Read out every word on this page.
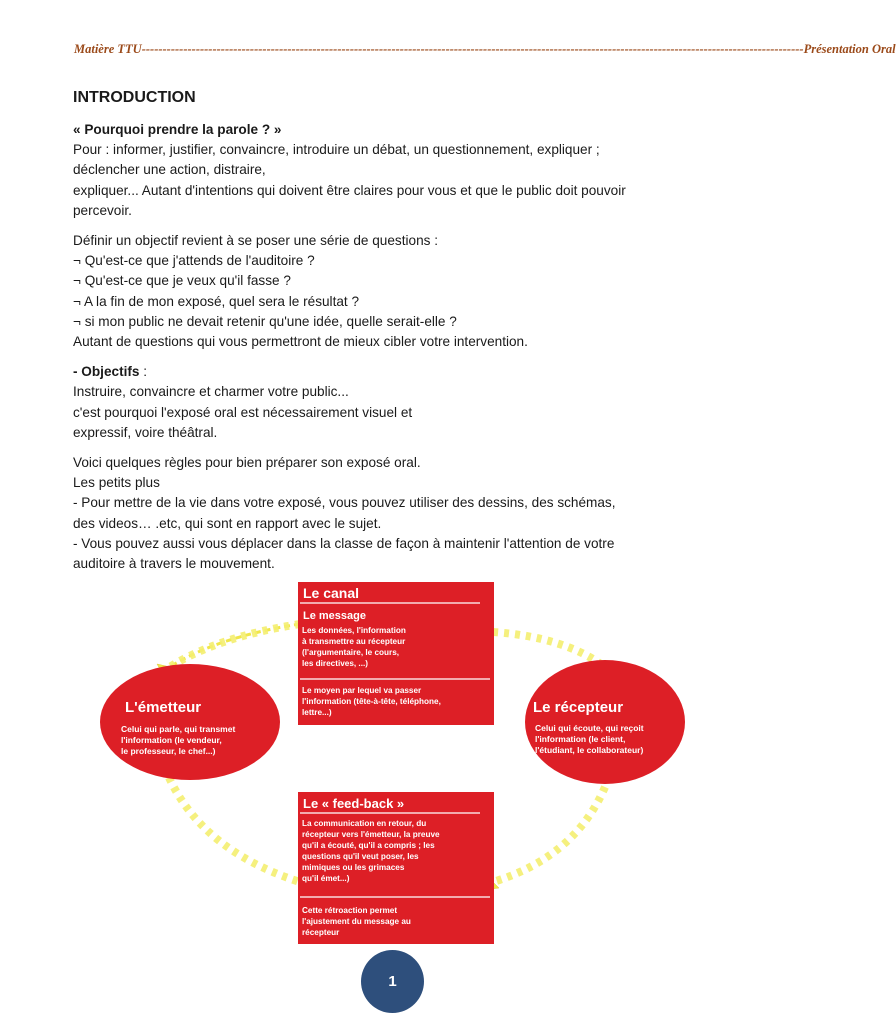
Matière TTU --------------------------------------------------------------------------------------------------------------------------------------------------------------- Présentation Oral
INTRODUCTION
« Pourquoi prendre la parole ? »
Pour : informer, justifier, convaincre, introduire un débat, un questionnement, expliquer ;
déclencher une action, distraire,
expliquer... Autant d'intentions qui doivent être claires pour vous et que le public doit pouvoir
percevoir.
Définir un objectif revient à se poser une série de questions :
¬ Qu'est-ce que j'attends de l'auditoire ?
¬ Qu'est-ce que je veux qu'il fasse ?
¬ A la fin de mon exposé, quel sera le résultat ?
¬ si mon public ne devait retenir qu'une idée, quelle serait-elle ?
Autant de questions qui vous permettront de mieux cibler votre intervention.
- Objectifs :
Instruire, convaincre et charmer votre public...
c'est pourquoi l'exposé oral est nécessairement visuel et
expressif, voire théâtral.
Voici quelques règles pour bien préparer son exposé oral.
Les petits plus
- Pour mettre de la vie dans votre exposé, vous pouvez utiliser des dessins, des schémas,
des videos… .etc, qui sont en rapport avec le sujet.
- Vous pouvez aussi vous déplacer dans la classe de façon à maintenir l'attention de votre
auditoire à travers le mouvement.
L'émetteur
Celui qui parle, qui transmet
l'information (le vendeur,
le professeur, le chef...)
Le récepteur
Celui qui écoute, qui reçoit
l'information (le client,
l'étudiant, le collaborateur)
Le canal
Le message
Les données, l'information
à transmettre au récepteur
(l'argumentaire, le cours,
les directives, ...)
Le moyen par lequel va passer
l'information (tête-à-tête, téléphone,
lettre...)
Le « feed-back »
La communication en retour, du
récepteur vers l'émetteur, la preuve
qu'il a écouté, qu'il a compris ; les
questions qu'il veut poser, les
mimiques ou les grimaces
qu'il émet...)
Cette rétroaction permet
l'ajustement du message au
récepteur
1
